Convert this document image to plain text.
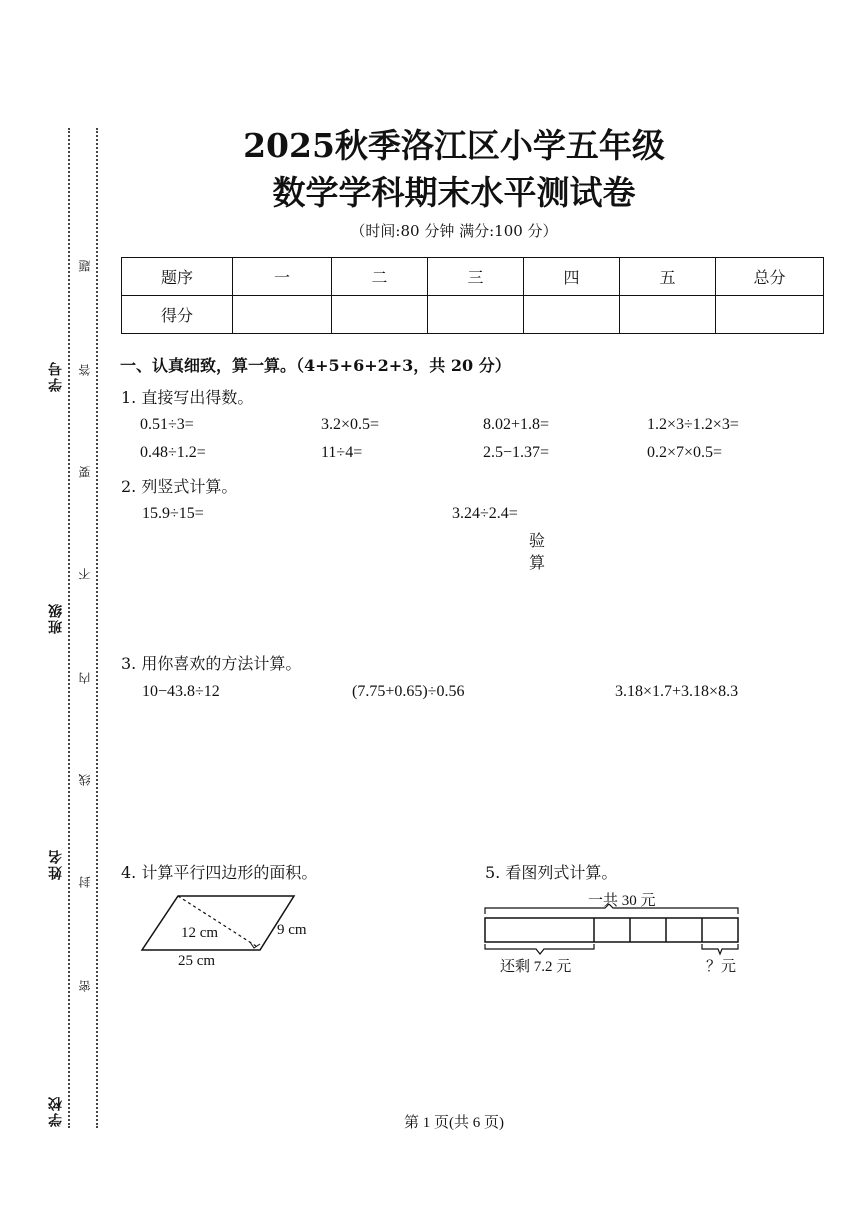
学号
班级
姓名
学校
题
答
要
不
内
线
封
密
2025秋季洛江区小学五年级
数学学科期末水平测试卷
（时间:80 分钟 满分:100 分）
题序	一	二	三	四	五	总分
得分						
一、认真细致，算一算。（4+5+6+2+3，共 20 分）
1. 直接写出得数。
0.51÷3=	3.2×0.5=	8.02+1.8=	1.2×3÷1.2×3=
0.48÷1.2=	11÷4=	2.5−1.37=	0.2×7×0.5=
2. 列竖式计算。
15.9÷15=	3.24÷2.4=
验算
3. 用你喜欢的方法计算。
10−43.8÷12	(7.75+0.65)÷0.56	3.18×1.7+3.18×8.3
4. 计算平行四边形的面积。
12 cm	9 cm
25 cm
5. 看图列式计算。
一共 30 元
还剩 7.2 元	？元
第 1 页(共 6 页)
